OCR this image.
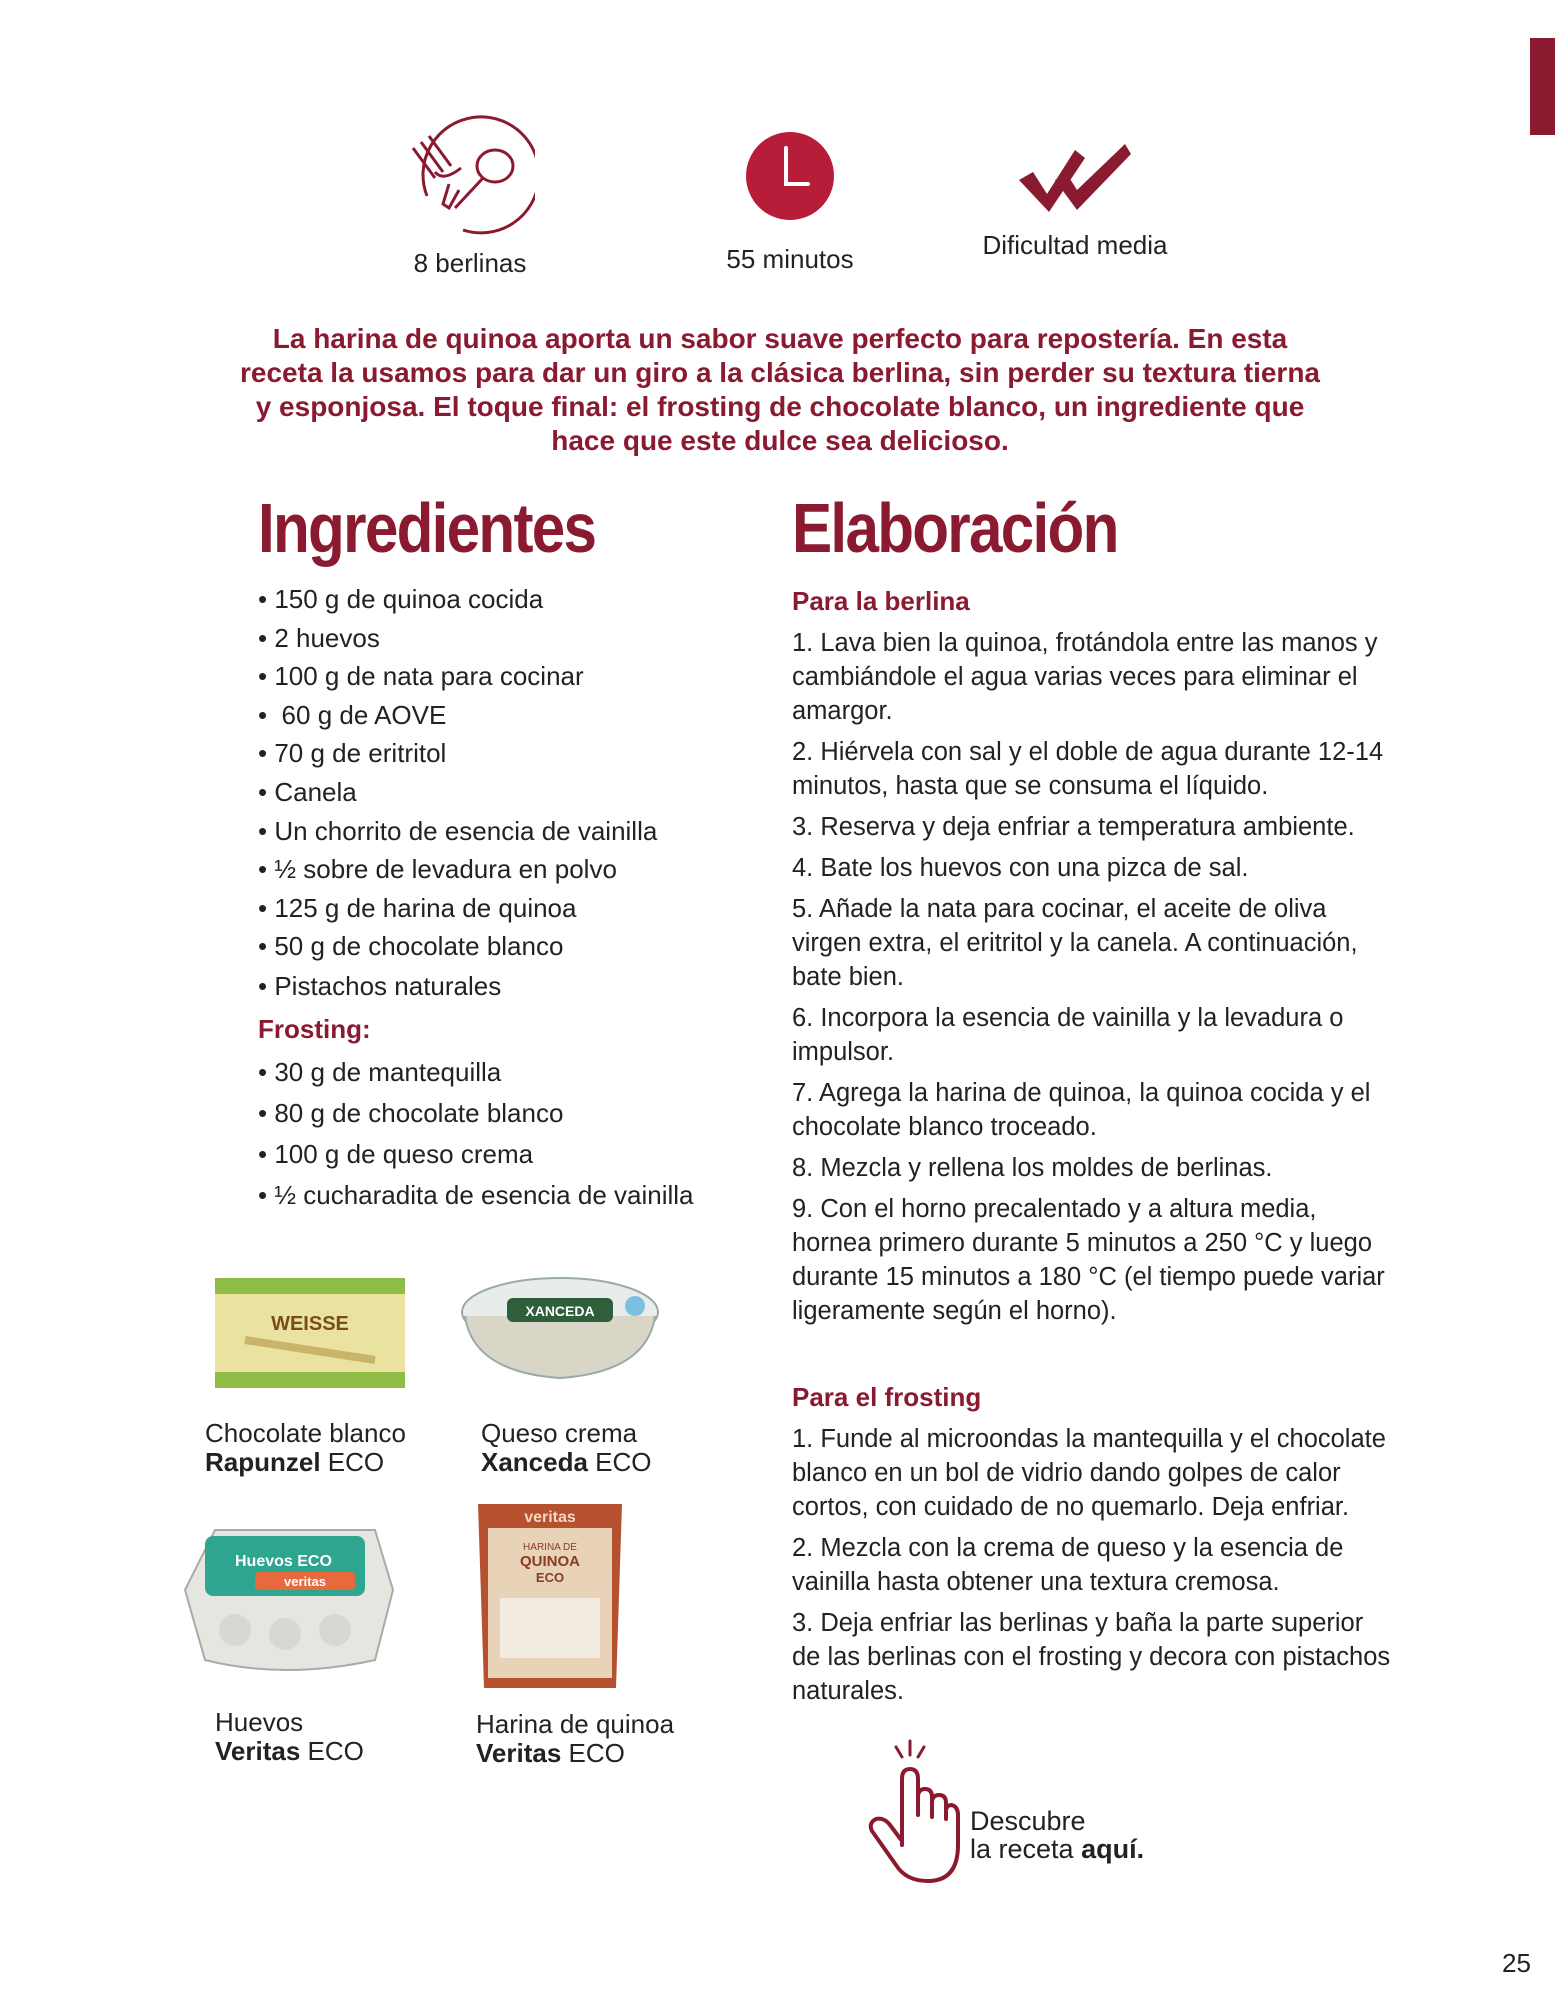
8 berlinas	55 minutos	Dificultad media

La harina de quinoa aporta un sabor suave perfecto para repostería. En esta receta la usamos para dar un giro a la clásica berlina, sin perder su textura tierna y esponjosa. El toque final: el frosting de chocolate blanco, un ingrediente que hace que este dulce sea delicioso.

Ingredientes
• 150 g de quinoa cocida
• 2 huevos
• 100 g de nata para cocinar
•  60 g de AOVE
• 70 g de eritritol
• Canela
• Un chorrito de esencia de vainilla
• ½ sobre de levadura en polvo
• 125 g de harina de quinoa
• 50 g de chocolate blanco
• Pistachos naturales
Frosting:
• 30 g de mantequilla
• 80 g de chocolate blanco
• 100 g de queso crema
• ½ cucharadita de esencia de vainilla
Elaboración
Para la berlina
1. Lava bien la quinoa, frotándola entre las manos y cambiándole el agua varias veces para eliminar el amargor.
2. Hiérvela con sal y el doble de agua durante 12-14 minutos, hasta que se consuma el líquido.
3. Reserva y deja enfriar a temperatura ambiente.
4. Bate los huevos con una pizca de sal.
5. Añade la nata para cocinar, el aceite de oliva virgen extra, el eritritol y la canela. A continuación, bate bien.
6. Incorpora la esencia de vainilla y la levadura o impulsor.
7. Agrega la harina de quinoa, la quinoa cocida y el chocolate blanco troceado.
8. Mezcla y rellena los moldes de berlinas.
9. Con el horno precalentado y a altura media, hornea primero durante 5 minutos a 250 °C y luego durante 15 minutos a 180 °C (el tiempo puede variar ligeramente según el horno).
Para el frosting
1. Funde al microondas la mantequilla y el chocolate blanco en un bol de vidrio dando golpes de calor cortos, con cuidado de no quemarlo. Deja enfriar.
2. Mezcla con la crema de queso y la esencia de vainilla hasta obtener una textura cremosa.
3. Deja enfriar las berlinas y baña la parte superior de las berlinas con el frosting y decora con pistachos naturales.
WEISSE
Chocolate blanco
Rapunzel ECO
XANCEDA
Queso crema
Xanceda ECO
Huevos ECO
veritas
Huevos
Veritas ECO
veritas
HARINA DE
QUINOA
ECO
Harina de quinoa
Veritas ECO
Descubre
la receta aquí.
25
